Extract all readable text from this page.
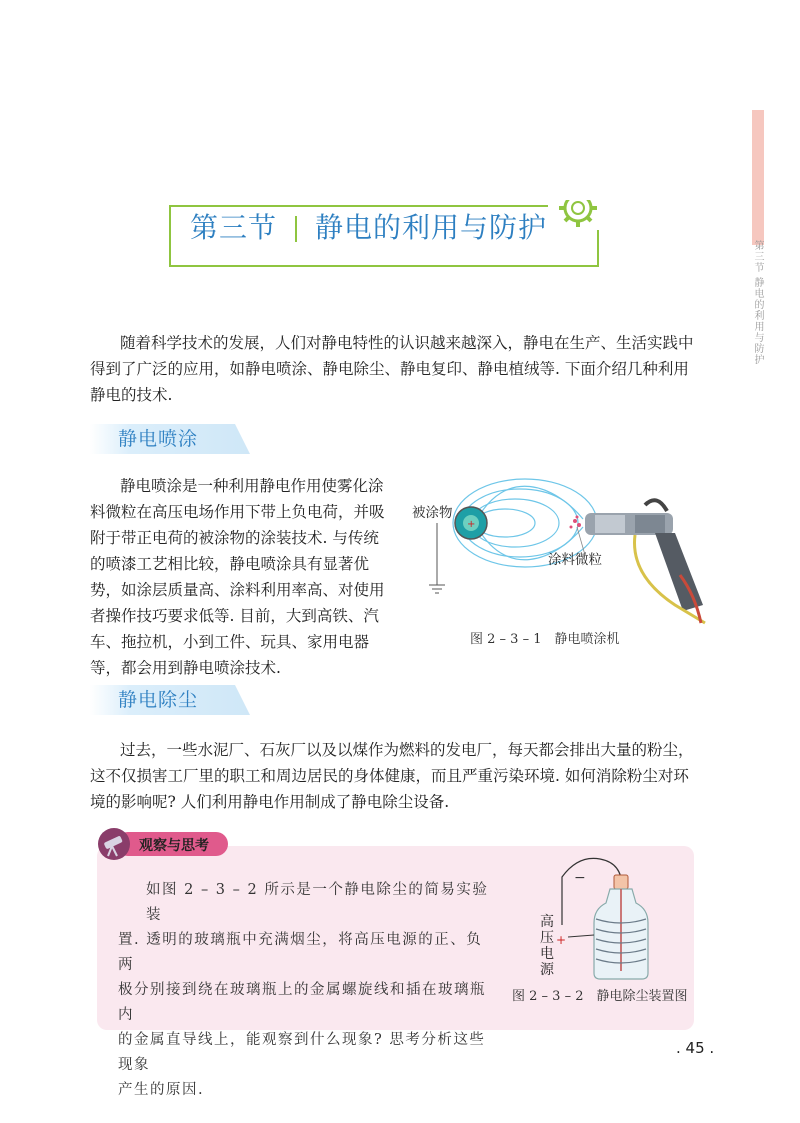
第三节 静电的利用与防护
第三节 静电的利用与防护
随着科学技术的发展，人们对静电特性的认识越来越深入，静电在生产、生活实践中
得到了广泛的应用，如静电喷涂、静电除尘、静电复印、静电植绒等. 下面介绍几种利用
静电的技术.
静电喷涂
静电喷涂是一种利用静电作用使雾化涂
料微粒在高压电场作用下带上负电荷，并吸
附于带正电荷的被涂物的涂装技术. 与传统
的喷漆工艺相比较，静电喷涂具有显著优
势，如涂层质量高、涂料利用率高、对使用
者操作技巧要求低等. 目前，大到高铁、汽
车、拖拉机，小到工件、玩具、家用电器
等，都会用到静电喷涂技术.
+
被涂物
涂料微粒
图 2 – 3 – 1　静电喷涂机
静电除尘
过去，一些水泥厂、石灰厂以及以煤作为燃料的发电厂，每天都会排出大量的粉尘，
这不仅损害工厂里的职工和周边居民的身体健康，而且严重污染环境. 如何消除粉尘对环
境的影响呢? 人们利用静电作用制成了静电除尘设备.
观察与思考
如图 2 – 3 – 2 所示是一个静电除尘的简易实验装
置. 透明的玻璃瓶中充满烟尘，将高压电源的正、负两
极分别接到绕在玻璃瓶上的金属螺旋线和插在玻璃瓶内
的金属直导线上，能观察到什么现象? 思考分析这些现象
产生的原因.
−
+
高
压
电
源
图 2 – 3 – 2　静电除尘装置图
. 45 .
